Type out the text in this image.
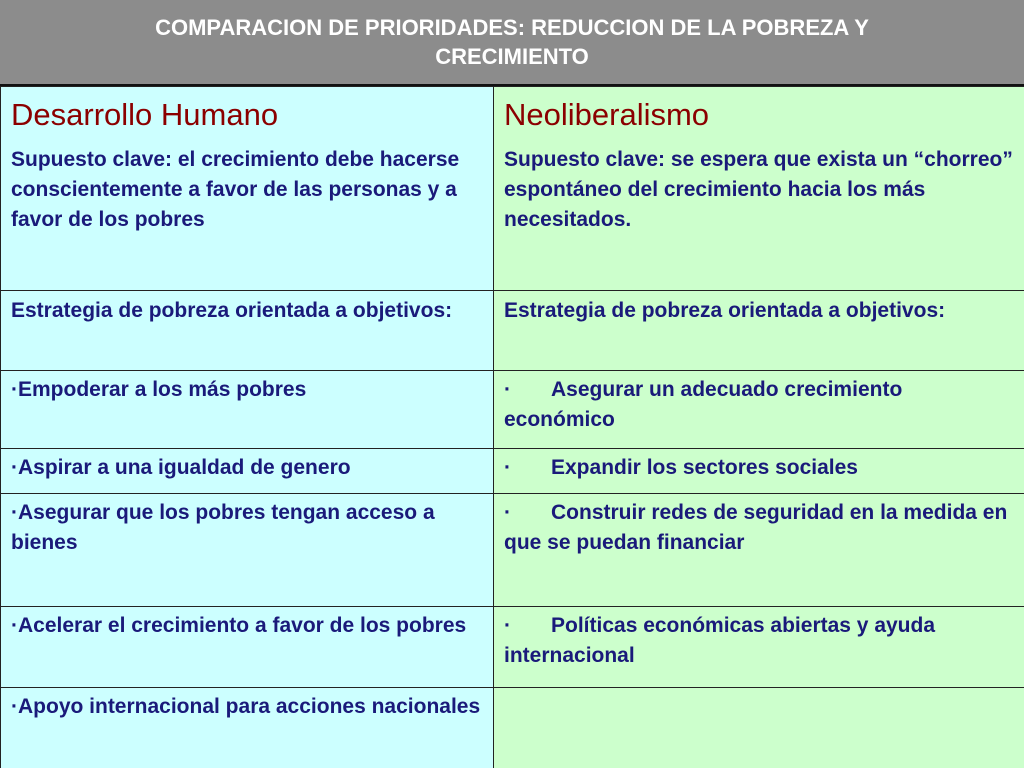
COMPARACION DE PRIORIDADES: REDUCCION DE LA POBREZA Y
CRECIMIENTO
Desarrollo Humano	Neoliberalismo
Supuesto clave: el crecimiento debe hacerse conscientemente a favor de las personas y a favor de los pobres	Supuesto clave: se espera que exista un “chorreo” espontáneo del crecimiento hacia los más necesitados.
Estrategia de pobreza orientada a objetivos:	Estrategia de pobreza orientada a objetivos:
·Empoderar a los más pobres	· Asegurar un adecuado crecimiento económico
·Aspirar a una igualdad de genero	· Expandir los sectores sociales
·Asegurar que los pobres tengan acceso a bienes	· Construir redes de seguridad en la medida en que se puedan financiar
·Acelerar el crecimiento a favor de los pobres	· Políticas económicas abiertas y ayuda internacional
·Apoyo internacional para acciones nacionales	
